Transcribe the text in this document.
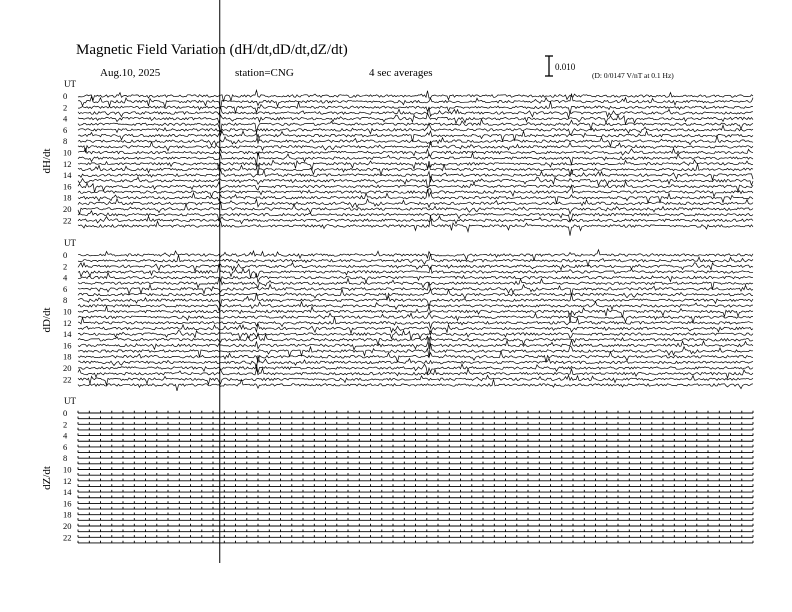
Magnetic Field Variation (dH/dt,dD/dt,dZ/dt)
Aug.10, 2025	station=CNG	4 sec averages	0.010
(D: 0/0147 V/nT at 0.1 Hz)
UT
dH/dt
0
2
4
6
8
10
12
14
16
18
20
22
UT
dD/dt
0
2
4
6
8
10
12
14
16
18
20
22
UT
dZ/dt
0
2
4
6
8
10
12
14
16
18
20
22
